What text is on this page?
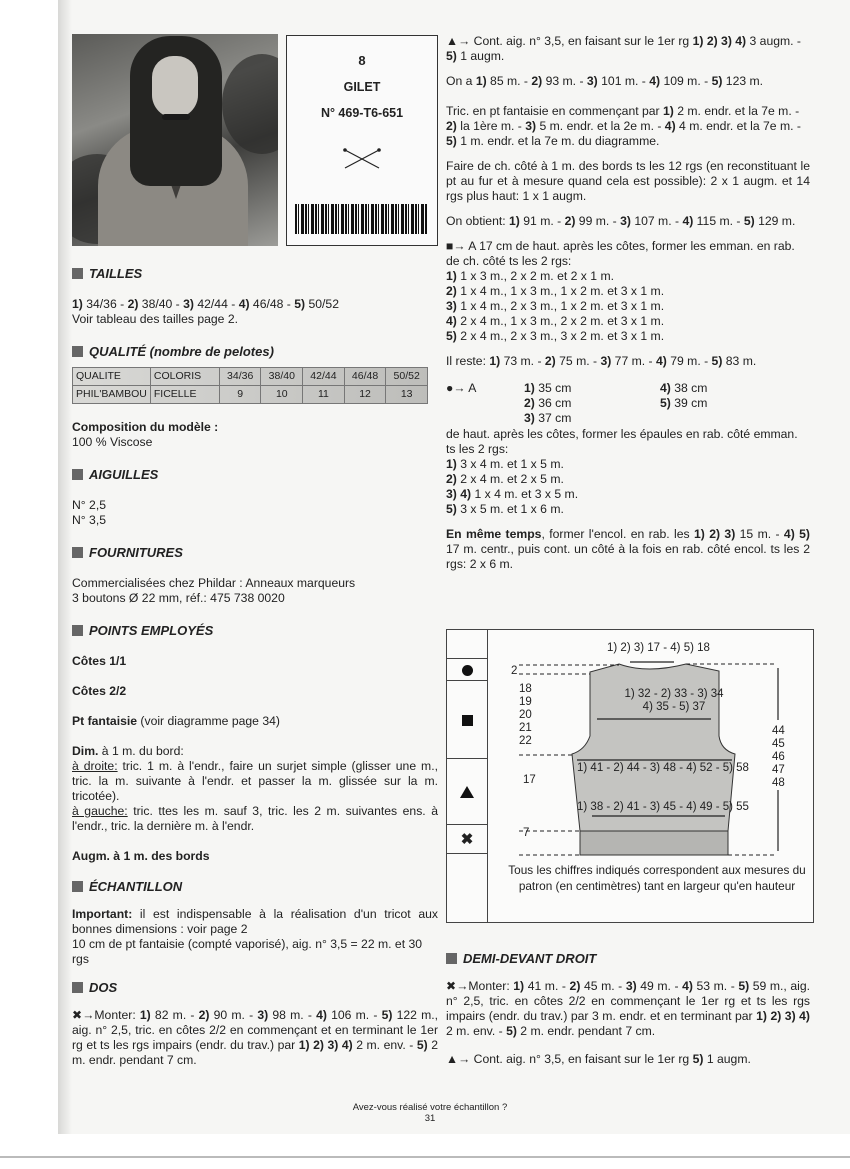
8
GILET
N° 469-T6-651
TAILLES

1) 34/36 - 2) 38/40 - 3) 42/44 - 4) 46/48 - 5) 50/52

Voir tableau des tailles page 2.

QUALITÉ (nombre de pelotes)
QUALITE	COLORIS	34/36	38/40	42/44	46/48	50/52
PHIL'BAMBOU	FICELLE	9	10	11	12	13

Composition du modèle :

100 % Viscose

AIGUILLES

N° 2,5

N° 3,5

FOURNITURES

Commercialisées chez Phildar : Anneaux marqueurs

3 boutons Ø 22 mm, réf.: 475 738 0020

POINTS EMPLOYÉS

Côtes 1/1

Côtes 2/2

Pt fantaisie (voir diagramme page 34)

Dim. à 1 m. du bord:

à droite: tric. 1 m. à l'endr., faire un surjet simple (glisser une m., tric. la m. suivante à l'endr. et passer la m. glissée sur la m. tricotée).

à gauche: tric. ttes les m. sauf 3, tric. les 2 m. suivantes ens. à l'endr., tric. la dernière m. à l'endr.

Augm. à 1 m. des bords

ÉCHANTILLON

Important: il est indispensable à la réalisation d'un tricot aux bonnes dimensions : voir page 2

10 cm de pt fantaisie (compté vaporisé), aig. n° 3,5 = 22 m. et 30 rgs

DOS

✖→Monter: 1) 82 m. - 2) 90 m. - 3) 98 m. - 4) 106 m. - 5) 122 m., aig. n° 2,5, tric. en côtes 2/2 en commençant et en terminant le 1er rg et ts les rgs impairs (endr. du trav.) par 1) 2) 3) 4) 2 m. env. - 5) 2 m. endr. pendant 7 cm.

▲→ Cont. aig. n° 3,5, en faisant sur le 1er rg 1) 2) 3) 4) 3 augm. - 5) 1 augm.

On a 1) 85 m. - 2) 93 m. - 3) 101 m. - 4) 109 m. - 5) 123 m.

Tric. en pt fantaisie en commençant par 1) 2 m. endr. et la 7e m. - 2) la 1ère m. - 3) 5 m. endr. et la 2e m. - 4) 4 m. endr. et la 7e m. - 5) 1 m. endr. et la 7e m. du diagramme.

Faire de ch. côté à 1 m. des bords ts les 12 rgs (en reconstituant le pt au fur et à mesure quand cela est possible): 2 x 1 augm. et 14 rgs plus haut: 1 x 1 augm.

On obtient: 1) 91 m. - 2) 99 m. - 3) 107 m. - 4) 115 m. - 5) 129 m.

■→ A 17 cm de haut. après les côtes, former les emman. en rab. de ch. côté ts les 2 rgs:

1) 1 x 3 m., 2 x 2 m. et 2 x 1 m.

2) 1 x 4 m., 1 x 3 m., 1 x 2 m. et 3 x 1 m.

3) 1 x 4 m., 2 x 3 m., 1 x 2 m. et 3 x 1 m.

4) 2 x 4 m., 1 x 3 m., 2 x 2 m. et 3 x 1 m.

5) 2 x 4 m., 2 x 3 m., 3 x 2 m. et 3 x 1 m.

Il reste: 1) 73 m. - 2) 75 m. - 3) 77 m. - 4) 79 m. - 5) 83 m.

●→ A	1) 35 cm

2) 36 cm

3) 37 cm

4) 38 cm

5) 39 cm

de haut. après les côtes, former les épaules en rab. côté emman. ts les 2 rgs:

1) 3 x 4 m. et 1 x 5 m.

2) 2 x 4 m. et 2 x 5 m.

3) 4) 1 x 4 m. et 3 x 5 m.

5) 3 x 5 m. et 1 x 6 m.

En même temps, former l'encol. en rab. les 1) 2) 3) 15 m. - 4) 5) 17 m. centr., puis cont. un côté à la fois en rab. côté encol. ts les 2 rgs: 2 x 6 m.

✖
1) 2) 3) 17 - 4) 5) 18
2
18
19
20
21
22
1) 32 - 2) 33 - 3) 34
4) 35 - 5) 37
1) 41 - 2) 44 - 3) 48 - 4) 52 - 5) 58
17
1) 38 - 2) 41 - 3) 45 - 4) 49 - 5) 55
7
44
45
46
47
48
Tous les chiffres indiqués correspondent aux mesures du patron (en centimètres) tant en largeur qu'en hauteur
DEMI-DEVANT DROIT

✖→Monter: 1) 41 m. - 2) 45 m. - 3) 49 m. - 4) 53 m. - 5) 59 m., aig. n° 2,5, tric. en côtes 2/2 en commençant le 1er rg et ts les rgs impairs (endr. du trav.) par 3 m. endr. et en terminant par 1) 2) 3) 4) 2 m. env. - 5) 2 m. endr. pendant 7 cm.

▲→ Cont. aig. n° 3,5, en faisant sur le 1er rg 5) 1 augm.

Avez-vous réalisé votre échantillon ?
31
